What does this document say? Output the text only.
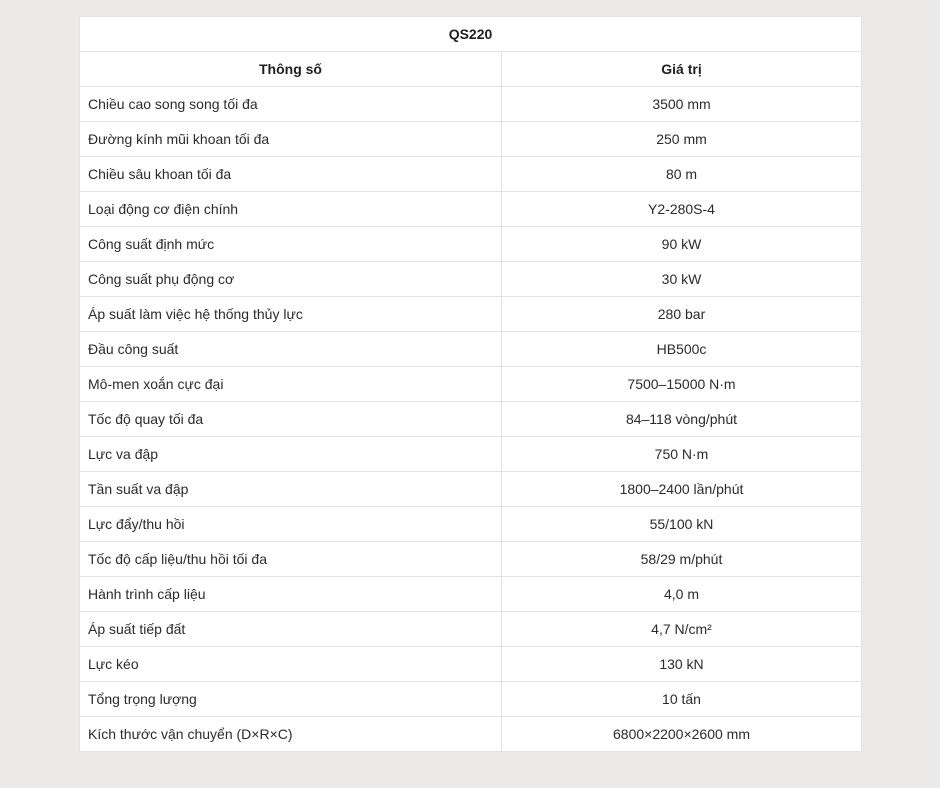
QS220	
Thông số	Giá trị
Chiều cao song song tối đa	3500 mm
Đường kính mũi khoan tối đa	250 mm
Chiều sâu khoan tối đa	80 m
Loại động cơ điện chính	Y2-280S-4
Công suất định mức	90 kW
Công suất phụ động cơ	30 kW
Áp suất làm việc hệ thống thủy lực	280 bar
Đầu công suất	HB500c
Mô-men xoắn cực đại	7500–15000 N·m
Tốc độ quay tối đa	84–118 vòng/phút
Lực va đập	750 N·m
Tần suất va đập	1800–2400 lần/phút
Lực đẩy/thu hồi	55/100 kN
Tốc độ cấp liệu/thu hồi tối đa	58/29 m/phút
Hành trình cấp liệu	4,0 m
Áp suất tiếp đất	4,7 N/cm²
Lực kéo	130 kN
Tổng trọng lượng	10 tấn
Kích thước vận chuyển (D×R×C)	6800×2200×2600 mm
